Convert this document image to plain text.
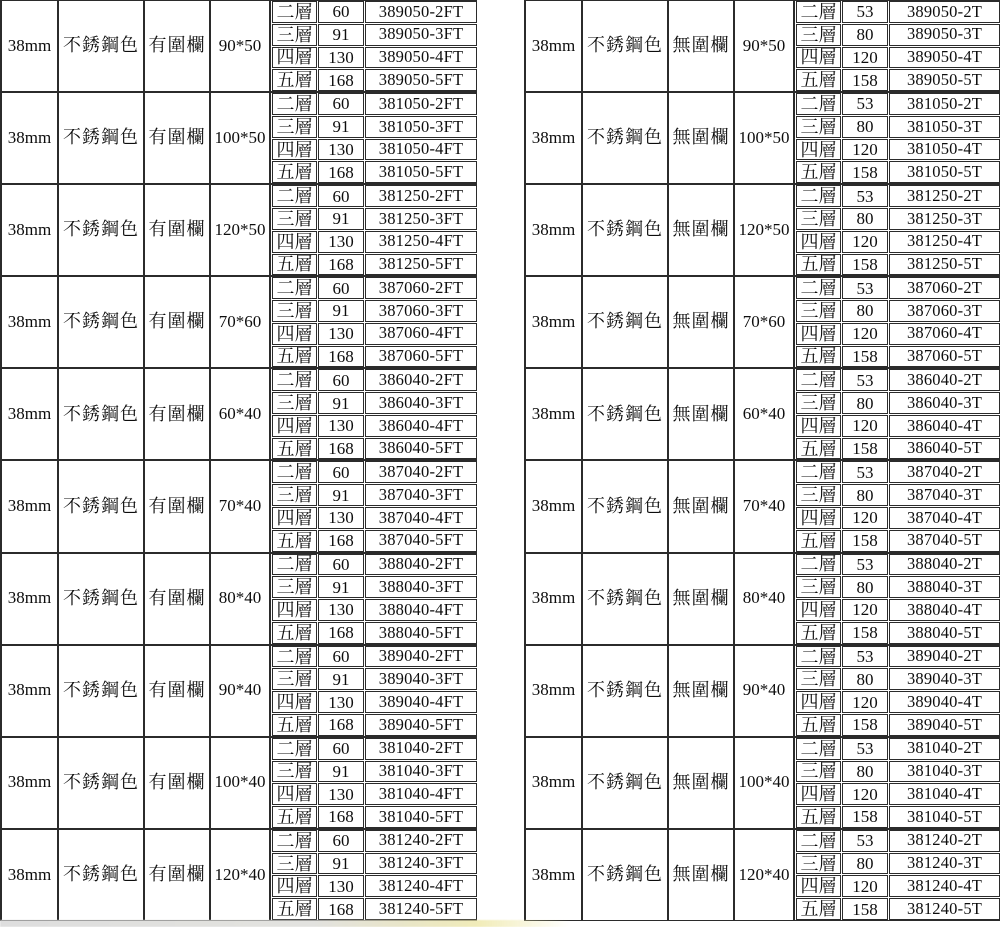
38mm 不銹鋼色 有圍欄 90*50
二層	60	389050-2FT
三層	91	389050-3FT
四層 130	389050-4FT
五層 168	389050-5FT
38mm 不銹鋼色 有圍欄 100*50
二層	60	381050-2FT
三層	91	381050-3FT
四層 130	381050-4FT
五層 168	381050-5FT
38mm 不銹鋼色 有圍欄 120*50
二層	60	381250-2FT
三層	91	381250-3FT
四層 130	381250-4FT
五層 168	381250-5FT
38mm 不銹鋼色 有圍欄 70*60
二層	60	387060-2FT
三層	91	387060-3FT
四層 130	387060-4FT
五層 168	387060-5FT
38mm 不銹鋼色 有圍欄 60*40
二層	60	386040-2FT
三層	91	386040-3FT
四層 130	386040-4FT
五層 168	386040-5FT
38mm 不銹鋼色 有圍欄 70*40
二層	60	387040-2FT
三層	91	387040-3FT
四層 130	387040-4FT
五層 168	387040-5FT
38mm 不銹鋼色 有圍欄 80*40
二層	60	388040-2FT
三層	91	388040-3FT
四層 130	388040-4FT
五層 168	388040-5FT
38mm 不銹鋼色 有圍欄 90*40
二層	60	389040-2FT
三層	91	389040-3FT
四層 130	389040-4FT
五層 168	389040-5FT
38mm 不銹鋼色 有圍欄 100*40
二層	60	381040-2FT
三層	91	381040-3FT
四層 130	381040-4FT
五層 168	381040-5FT
38mm 不銹鋼色 有圍欄 120*40
二層	60	381240-2FT
三層	91	381240-3FT
四層 130	381240-4FT
五層 168	381240-5FT
38mm 不銹鋼色 無圍欄 90*50
二層	53	389050-2T
三層	80	389050-3T
四層 120	389050-4T
五層 158	389050-5T
38mm 不銹鋼色 無圍欄 100*50
二層	53	381050-2T
三層	80	381050-3T
四層 120	381050-4T
五層 158	381050-5T
38mm 不銹鋼色 無圍欄 120*50
二層	53	381250-2T
三層	80	381250-3T
四層 120	381250-4T
五層 158	381250-5T
38mm 不銹鋼色 無圍欄 70*60
二層	53	387060-2T
三層	80	387060-3T
四層 120	387060-4T
五層 158	387060-5T
38mm 不銹鋼色 無圍欄 60*40
二層	53	386040-2T
三層	80	386040-3T
四層 120	386040-4T
五層 158	386040-5T
38mm 不銹鋼色 無圍欄 70*40
二層	53	387040-2T
三層	80	387040-3T
四層 120	387040-4T
五層 158	387040-5T
38mm 不銹鋼色 無圍欄 80*40
二層	53	388040-2T
三層	80	388040-3T
四層 120	388040-4T
五層 158	388040-5T
38mm 不銹鋼色 無圍欄 90*40
二層	53	389040-2T
三層	80	389040-3T
四層 120	389040-4T
五層 158	389040-5T
38mm 不銹鋼色 無圍欄 100*40
二層	53	381040-2T
三層	80	381040-3T
四層 120	381040-4T
五層 158	381040-5T
38mm 不銹鋼色 無圍欄 120*40
二層	53	381240-2T
三層	80	381240-3T
四層 120	381240-4T
五層 158	381240-5T
